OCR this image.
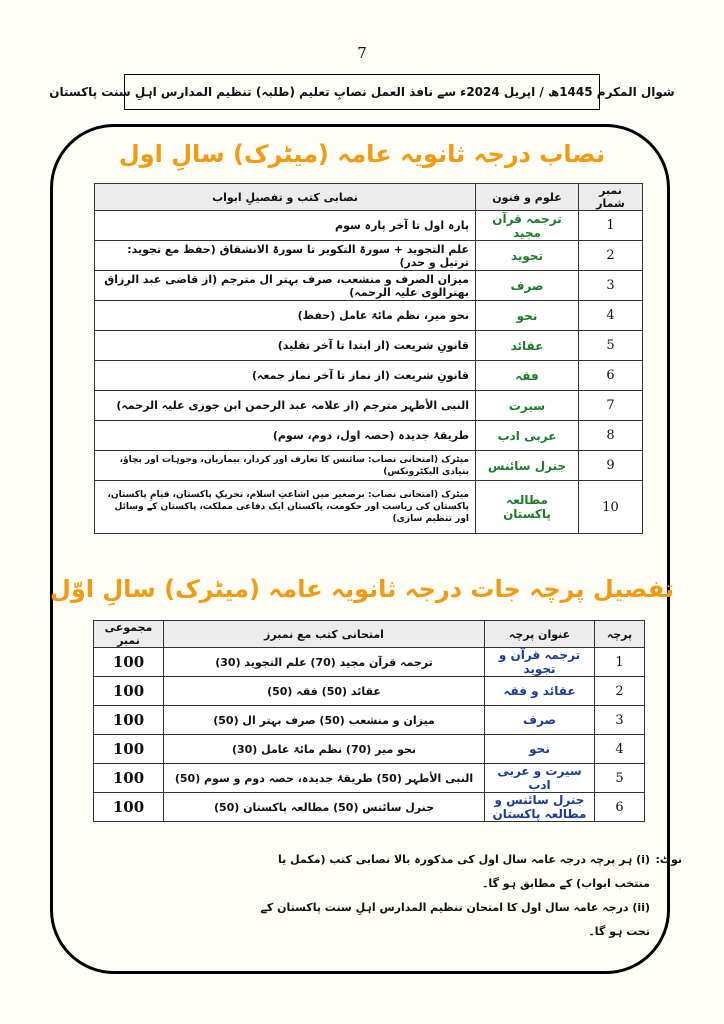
7
شوال المکرم 1445ھ / اپریل 2024ء سے نافذ العمل نصابِ تعلیم (طلبہ) تنظیم المدارس اہلِ سنت پاکستان
نصاب درجہ ثانویہ عامہ (میٹرک) سالِ اول
نمبر شمار	علوم و فنون	نصابی کتب و تفصیلِ ابواب
1	ترجمہ قرآن مجید	پارہ اول تا آخر پارہ سوم
2	تجوید	علم التجوید + سورۃ التکویر تا سورۃ الانشقاق (حفظ مع تجوید: ترتیل و حدر)
3	صرف	میزان الصرف و منشعب، صرف بہتر ال مترجم (از قاضی عبد الرزاق بھترالوی علیہ الرحمہ)
4	نحو	نحو میر، نظم مائۃ عامل (حفظ)
5	عقائد	قانونِ شریعت (از ابتدا تا آخر تقلید)
6	فقہ	قانونِ شریعت (از نماز تا آخر نماز جمعہ)
7	سیرت	النبی الأطہر مترجم (از علامہ عبد الرحمن ابن جوزی علیہ الرحمہ)
8	عربی ادب	طریقۂ جدیدہ (حصہ اول، دوم، سوم)
9	جنرل سائنس	میٹرک (امتحانی نصاب: سائنس کا تعارف اور کردار، بیماریاں، وجوہات اور بچاؤ، بنیادی الیکٹرونکس)
10	مطالعہ پاکستان	میٹرک (امتحانی نصاب: برصغیر میں اشاعتِ اسلام، تحریکِ پاکستان، قیامِ پاکستان، پاکستان کی ریاست اور حکومت، پاکستان ایک دفاعی مملکت، پاکستان کے وسائل اور تنظیم سازی)
تفصیل پرچہ جات درجہ ثانویہ عامہ (میٹرک) سالِ اوّل
پرچہ	عنوان پرچہ	امتحانی کتب مع نمبرز	مجموعی نمبر
1	ترجمہ قرآن و تجوید	ترجمہ قرآن مجید (70) علم التجوید (30)	100
2	عقائد و فقہ	عقائد (50) فقہ (50)	100
3	صرف	میزان و منشعب (50) صرف بہتر ال (50)	100
4	نحو	نحو میر (70) نظم مائۃ عامل (30)	100
5	سیرت و عربی ادب	النبی الأطہر (50) طریقۂ جدیدہ، حصہ دوم و سوم (50)	100
6	جنرل سائنس و مطالعہ پاکستان	جنرل سائنس (50) مطالعہ پاکستان (50)	100
نوٹ:
(i) ہر پرچہ درجہ عامہ سال اول کی مذکورہ بالا نصابی کتب (مکمل یا منتخب ابواب) کے مطابق ہو گا۔
(ii) درجہ عامہ سال اول کا امتحان تنظیم المدارس اہلِ سنت پاکستان کے تحت ہو گا۔
